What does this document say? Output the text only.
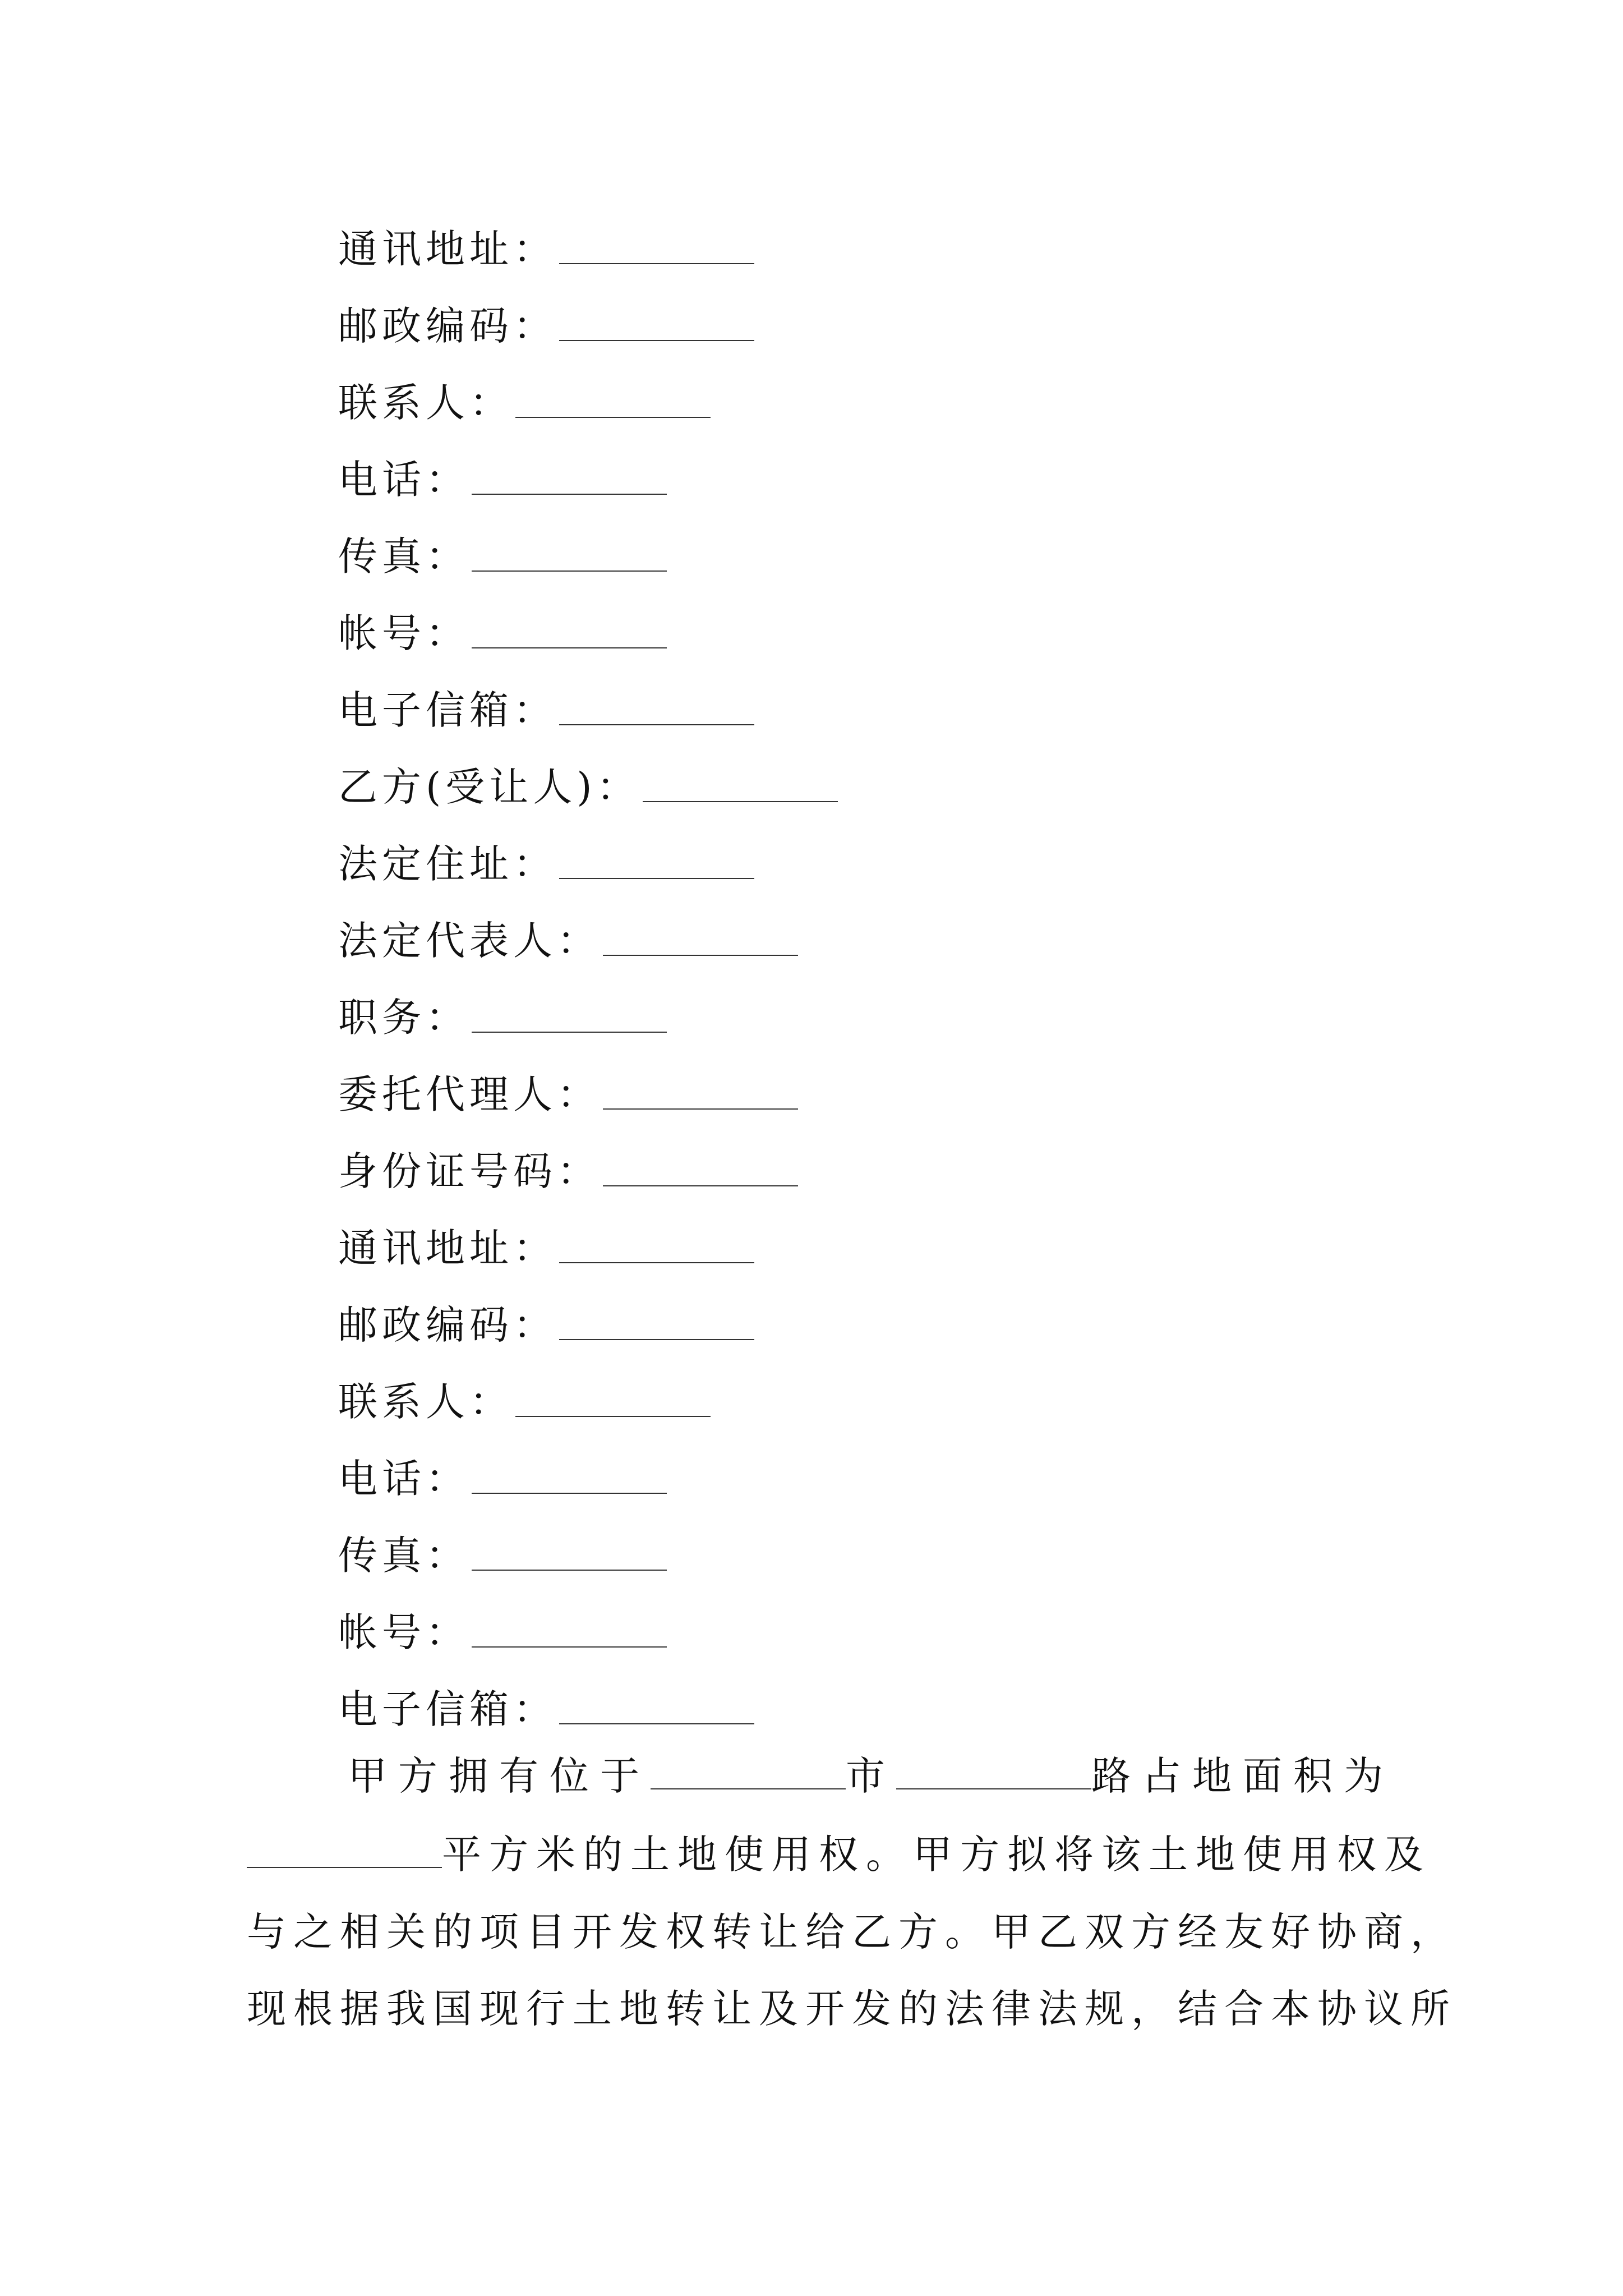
通讯地址：
邮政编码：
联系人：
电话：
传真：
帐号：
电子信箱：
乙方(受让人)：
法定住址：
法定代表人：
职务：
委托代理人：
身份证号码：
通讯地址：
邮政编码：
联系人：
电话：
传真：
帐号：
电子信箱：
甲方拥有位于	市	路占地面积为
平方米的土地使用权。甲方拟将该土地使用权及
与之相关的项目开发权转让给乙方。甲乙双方经友好协商，
现根据我国现行土地转让及开发的法律法规，结合本协议所
